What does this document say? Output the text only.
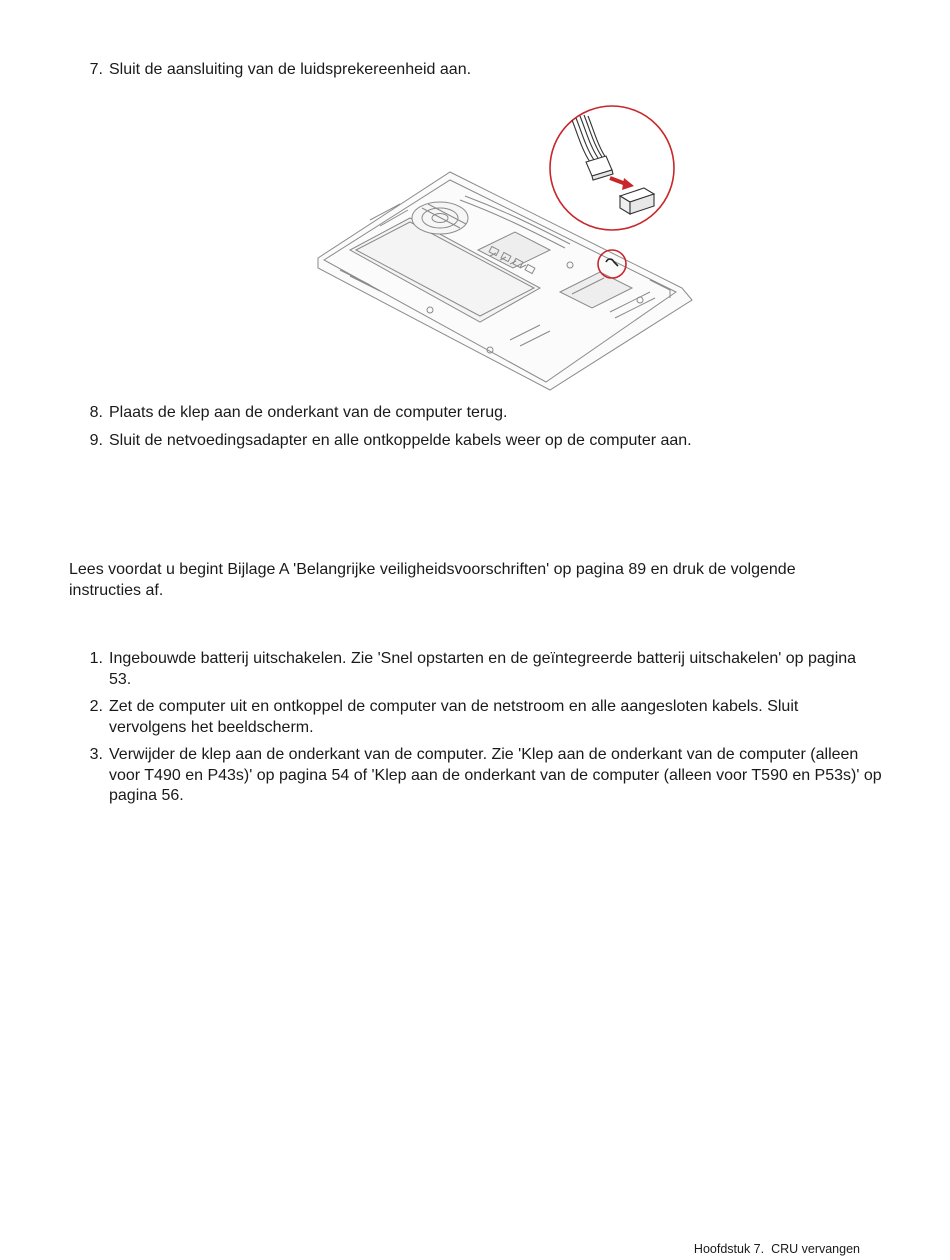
7. Sluit de aansluiting van de luidsprekereenheid aan.
8. Plaats de klep aan de onderkant van de computer terug.
9. Sluit de netvoedingsadapter en alle ontkoppelde kabels weer op de computer aan.
Lees voordat u begint Bijlage A 'Belangrijke veiligheidsvoorschriften' op pagina 89 en druk de volgende instructies af.
1. Ingebouwde batterij uitschakelen. Zie 'Snel opstarten en de geïntegreerde batterij uitschakelen' op pagina 53.
2. Zet de computer uit en ontkoppel de computer van de netstroom en alle aangesloten kabels. Sluit vervolgens het beeldscherm.
3. Verwijder de klep aan de onderkant van de computer. Zie 'Klep aan de onderkant van de computer (alleen voor T490 en P43s)' op pagina 54 of 'Klep aan de onderkant van de computer (alleen voor T590 en P53s)' op pagina 56.
Hoofdstuk 7. CRU vervangen
